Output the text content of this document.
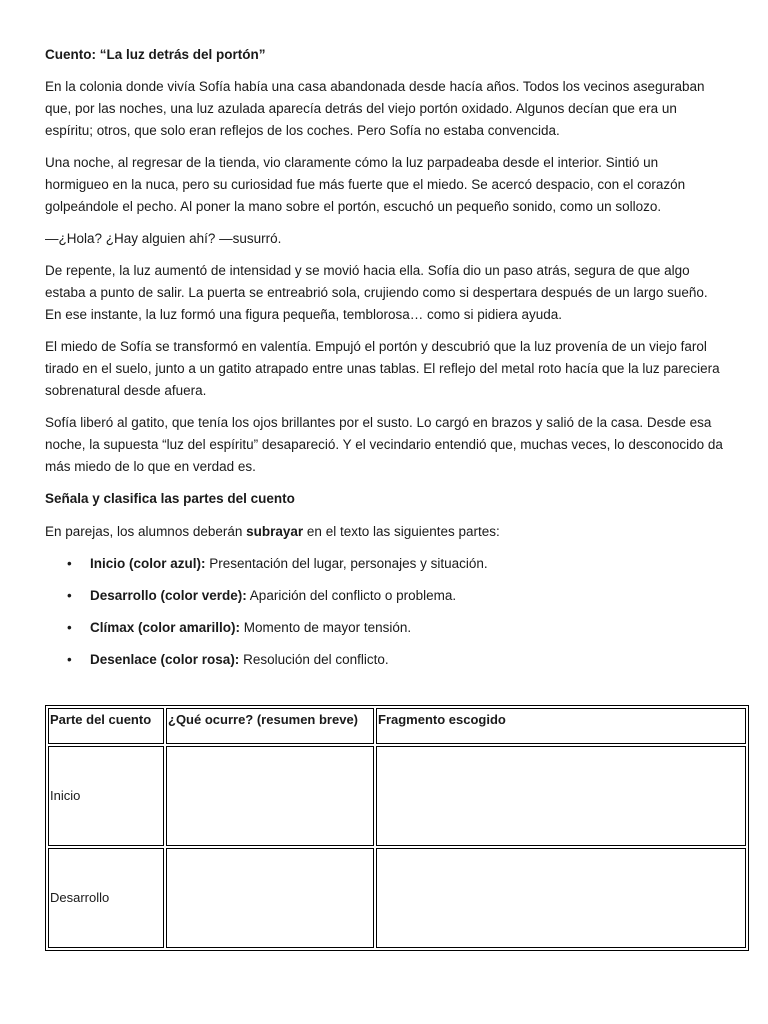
Cuento: “La luz detrás del portón”

En la colonia donde vivía Sofía había una casa abandonada desde hacía años. Todos los vecinos aseguraban que, por las noches, una luz azulada aparecía detrás del viejo portón oxidado. Algunos decían que era un espíritu; otros, que solo eran reflejos de los coches. Pero Sofía no estaba convencida.

Una noche, al regresar de la tienda, vio claramente cómo la luz parpadeaba desde el interior. Sintió un hormigueo en la nuca, pero su curiosidad fue más fuerte que el miedo. Se acercó despacio, con el corazón golpeándole el pecho. Al poner la mano sobre el portón, escuchó un pequeño sonido, como un sollozo.

—¿Hola? ¿Hay alguien ahí? —susurró.

De repente, la luz aumentó de intensidad y se movió hacia ella. Sofía dio un paso atrás, segura de que algo estaba a punto de salir. La puerta se entreabrió sola, crujiendo como si despertara después de un largo sueño. En ese instante, la luz formó una figura pequeña, temblorosa… como si pidiera ayuda.

El miedo de Sofía se transformó en valentía. Empujó el portón y descubrió que la luz provenía de un viejo farol tirado en el suelo, junto a un gatito atrapado entre unas tablas. El reflejo del metal roto hacía que la luz pareciera sobrenatural desde afuera.

Sofía liberó al gatito, que tenía los ojos brillantes por el susto. Lo cargó en brazos y salió de la casa. Desde esa noche, la supuesta “luz del espíritu” desapareció. Y el vecindario entendió que, muchas veces, lo desconocido da más miedo de lo que en verdad es.

Señala y clasifica las partes del cuento

En parejas, los alumnos deberán subrayar en el texto las siguientes partes:

• Inicio (color azul): Presentación del lugar, personajes y situación.
• Desarrollo (color verde): Aparición del conflicto o problema.
• Clímax (color amarillo): Momento de mayor tensión.
• Desenlace (color rosa): Resolución del conflicto.
Parte del cuento	¿Qué ocurre? (resumen breve)	Fragmento escogido
Inicio		
Desarrollo		
